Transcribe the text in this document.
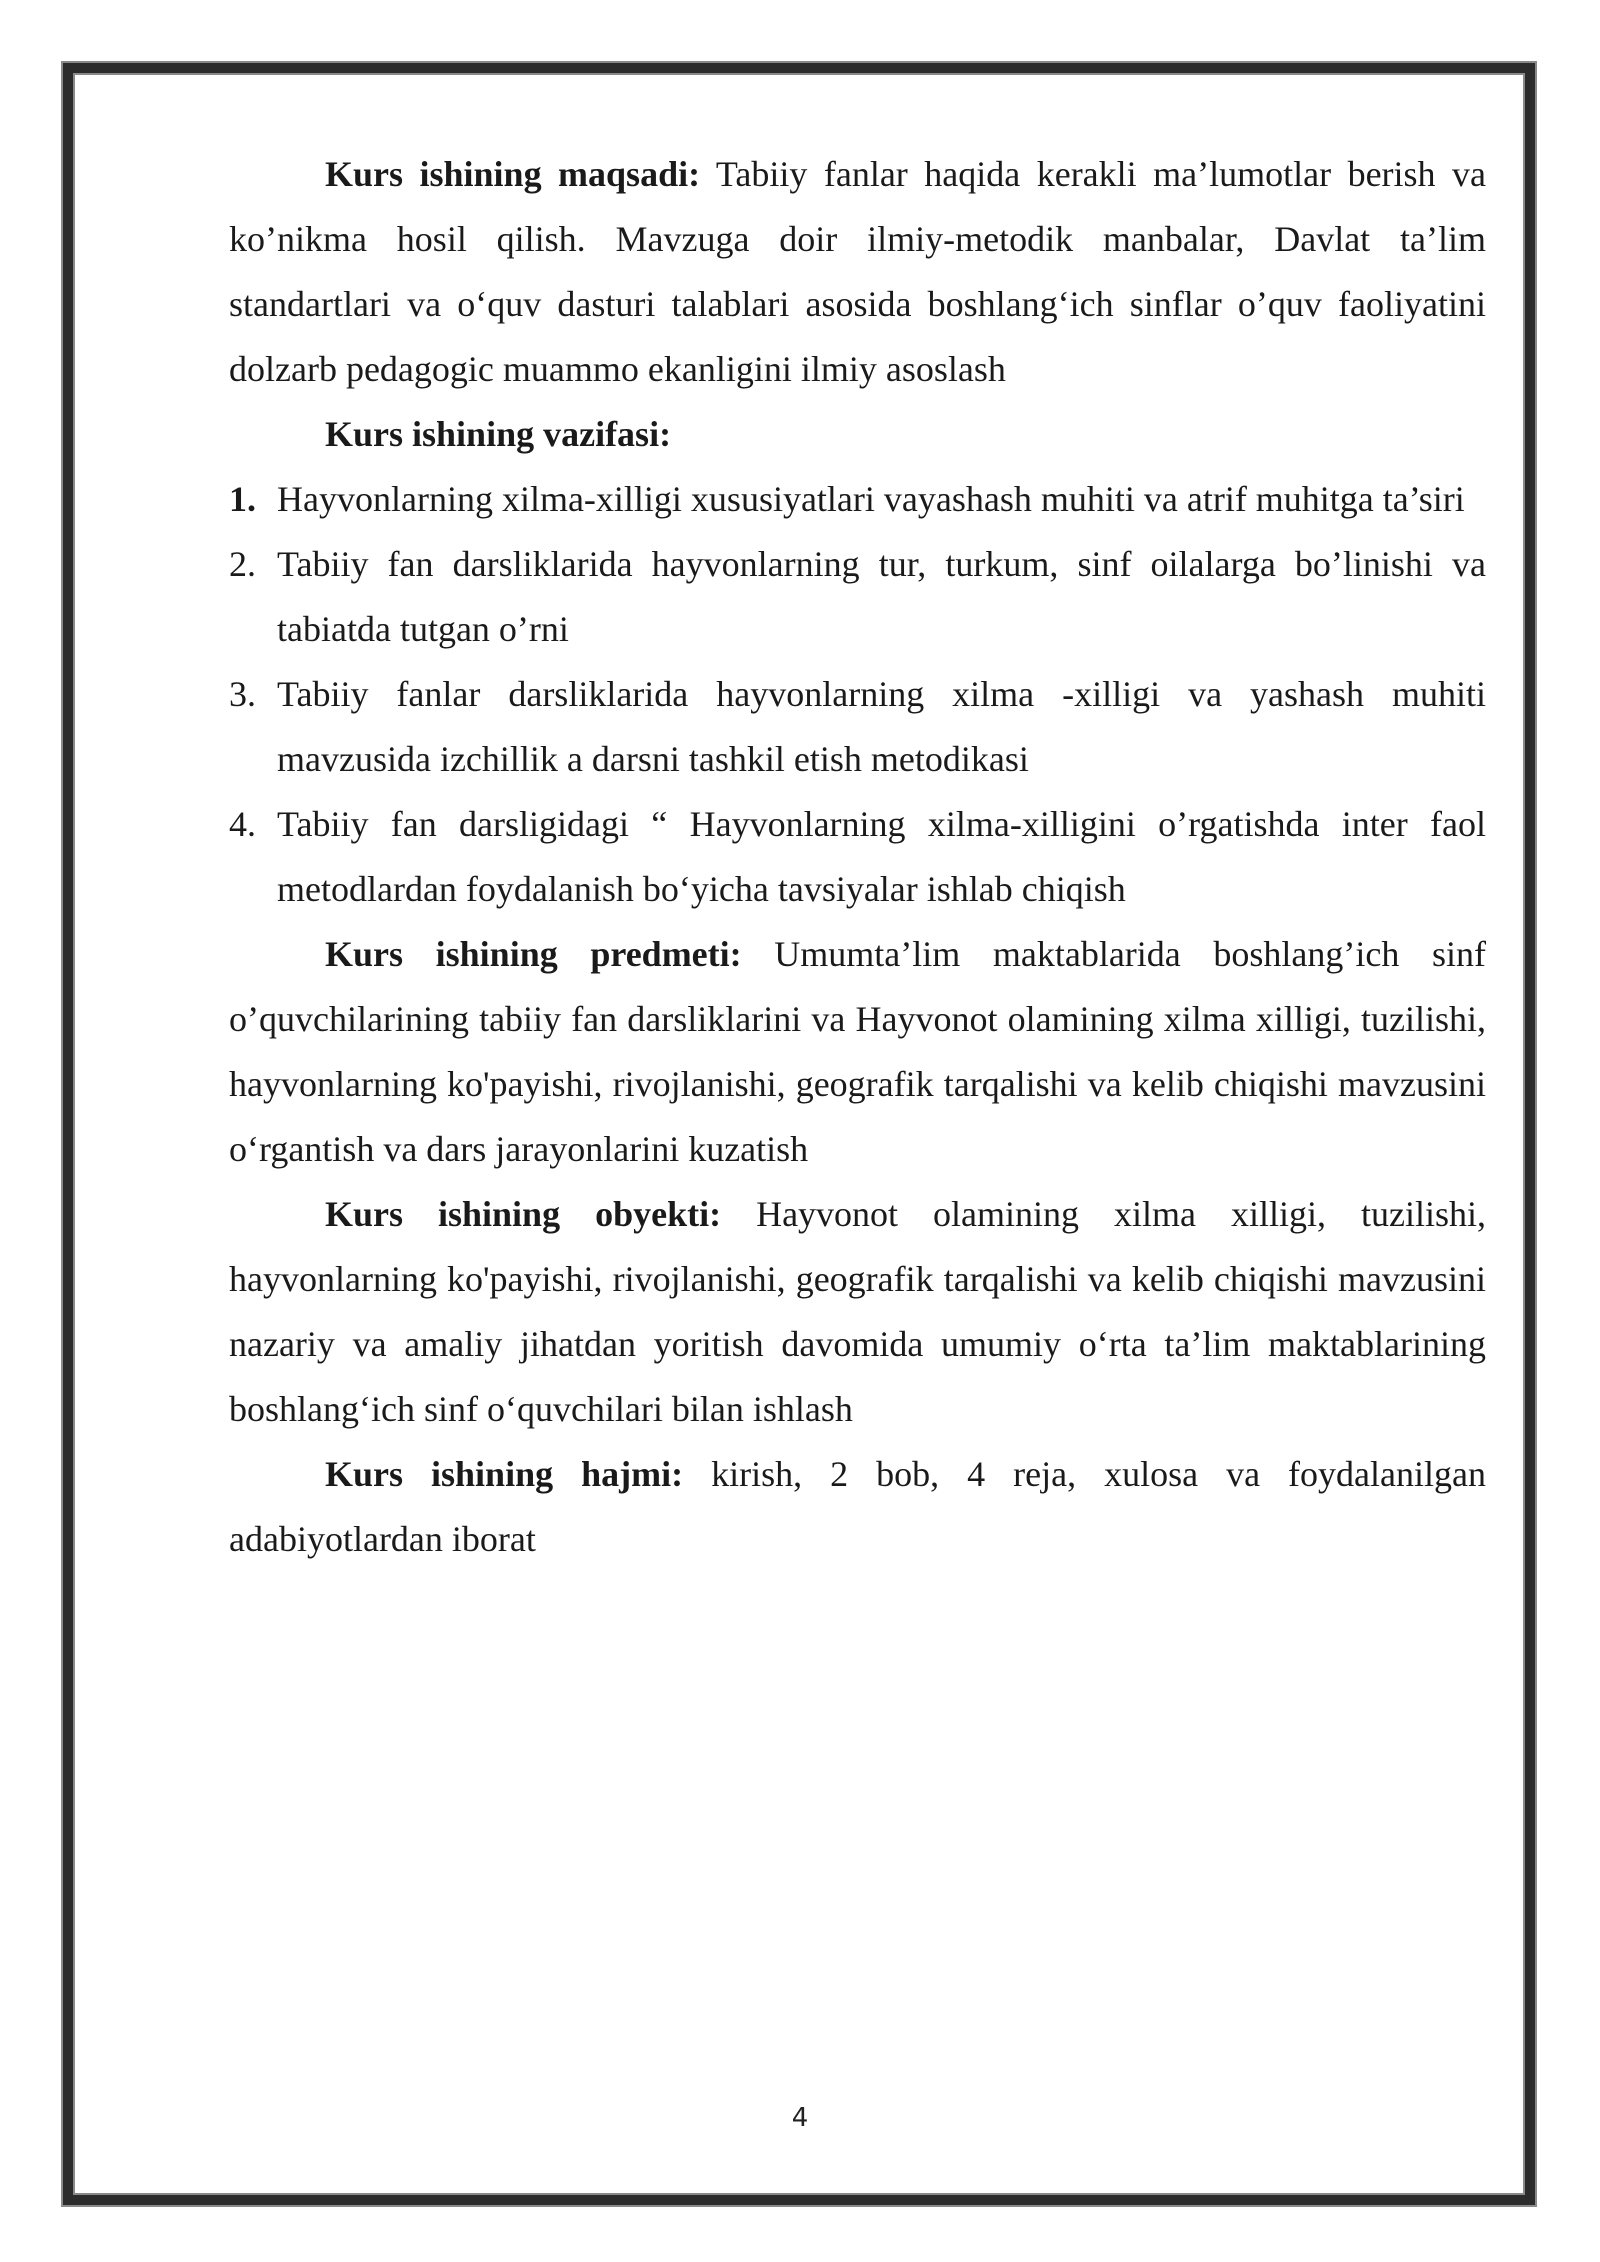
Kurs ishining maqsadi: Tabiiy fanlar haqida kerakli ma’lumotlar berish va ko’nikma hosil qilish. Mavzuga doir ilmiy-metodik manbalar, Davlat ta’lim standartlari va o‘quv dasturi talablari asosida boshlang‘ich sinflar o’quv faoliyatini dolzarb pedagogic muammo ekanligini ilmiy asoslash

Kurs ishining vazifasi:

1. Hayvonlarning xilma-xilligi xususiyatlari vayashash muhiti va atrif muhitga ta’siri
2. Tabiiy fan darsliklarida hayvonlarning tur, turkum, sinf oilalarga bo’linishi va tabiatda tutgan o’rni
3. Tabiiy fanlar darsliklarida hayvonlarning xilma -xilligi va yashash muhiti mavzusida izchillik a darsni tashkil etish metodikasi
4. Tabiiy fan darsligidagi “ Hayvonlarning xilma-xilligini o’rgatishda inter faol metodlardan foydalanish bo‘yicha tavsiyalar ishlab chiqish

Kurs ishining predmeti: Umumta’lim maktablarida boshlang’ich sinf o’quvchilarining tabiiy fan darsliklarini va Hayvonot olamining xilma xilligi, tuzilishi, hayvonlarning ko'payishi, rivojlanishi, geografik tarqalishi va kelib chiqishi mavzusini o‘rgantish va dars jarayonlarini kuzatish

Kurs ishining obyekti: Hayvonot olamining xilma xilligi, tuzilishi, hayvonlarning ko'payishi, rivojlanishi, geografik tarqalishi va kelib chiqishi mavzusini nazariy va amaliy jihatdan yoritish davomida umumiy o‘rta ta’lim maktablarining boshlang‘ich sinf o‘quvchilari bilan ishlash

Kurs ishining hajmi: kirish, 2 bob, 4 reja, xulosa va foydalanilgan adabiyotlardan iborat

4
